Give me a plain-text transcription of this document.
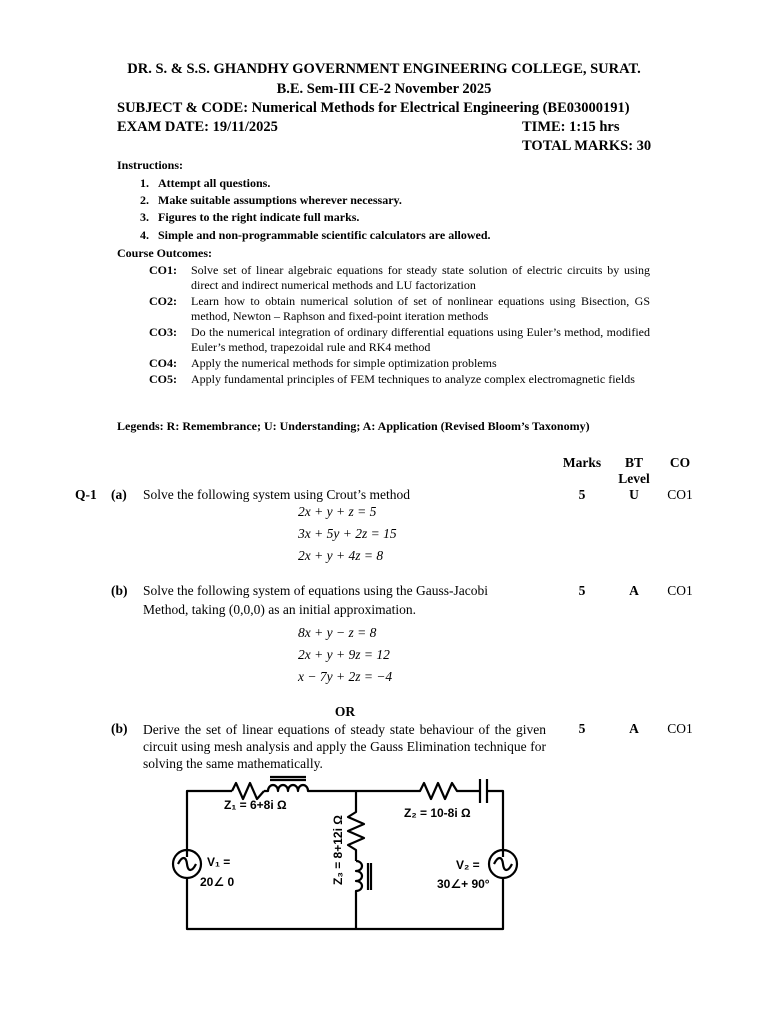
DR. S. & S.S. GHANDHY GOVERNMENT ENGINEERING COLLEGE, SURAT.
B.E. Sem-III CE-2 November 2025
SUBJECT & CODE: Numerical Methods for Electrical Engineering (BE03000191)
EXAM DATE: 19/11/2025	TIME: 1:15 hrs
TOTAL MARKS: 30
Instructions:
1. Attempt all questions.
2. Make suitable assumptions wherever necessary.
3. Figures to the right indicate full marks.
4. Simple and non-programmable scientific calculators are allowed.
Course Outcomes:
CO1: Solve set of linear algebraic equations for steady state solution of electric circuits by using direct and indirect numerical methods and LU factorization
CO2: Learn how to obtain numerical solution of set of nonlinear equations using Bisection, GS method, Newton – Raphson and fixed-point iteration methods
CO3: Do the numerical integration of ordinary differential equations using Euler’s method, modified Euler’s method, trapezoidal rule and RK4 method
CO4: Apply the numerical methods for simple optimization problems
CO5: Apply fundamental principles of FEM techniques to analyze complex electromagnetic fields
Legends: R: Remembrance; U: Understanding; A: Application (Revised Bloom’s Taxonomy)
Marks	BT
Level
CO
Q-1 (a) Solve the following system using Crout’s method	5	U	CO1
2x + y + z = 5
3x + 5y + 2z = 15
2x + y + 4z = 8
(b) Solve the following system of equations using the Gauss-Jacobi
Method, taking (0,0,0) as an initial approximation.
5	A	CO1
8x + y − z = 8
2x + y + 9z = 12
x − 7y + 2z = −4
OR
(b) Derive the set of linear equations of steady state behaviour of the given circuit using mesh analysis and apply the Gauss Elimination technique for solving the same mathematically.
5	A	CO1
Z₁ = 6+8i Ω
Z₂ = 10-8i Ω
Z₃ = 8+12i Ω
V₁ =
20∠ 0
V₂ =
30∠+ 90°
